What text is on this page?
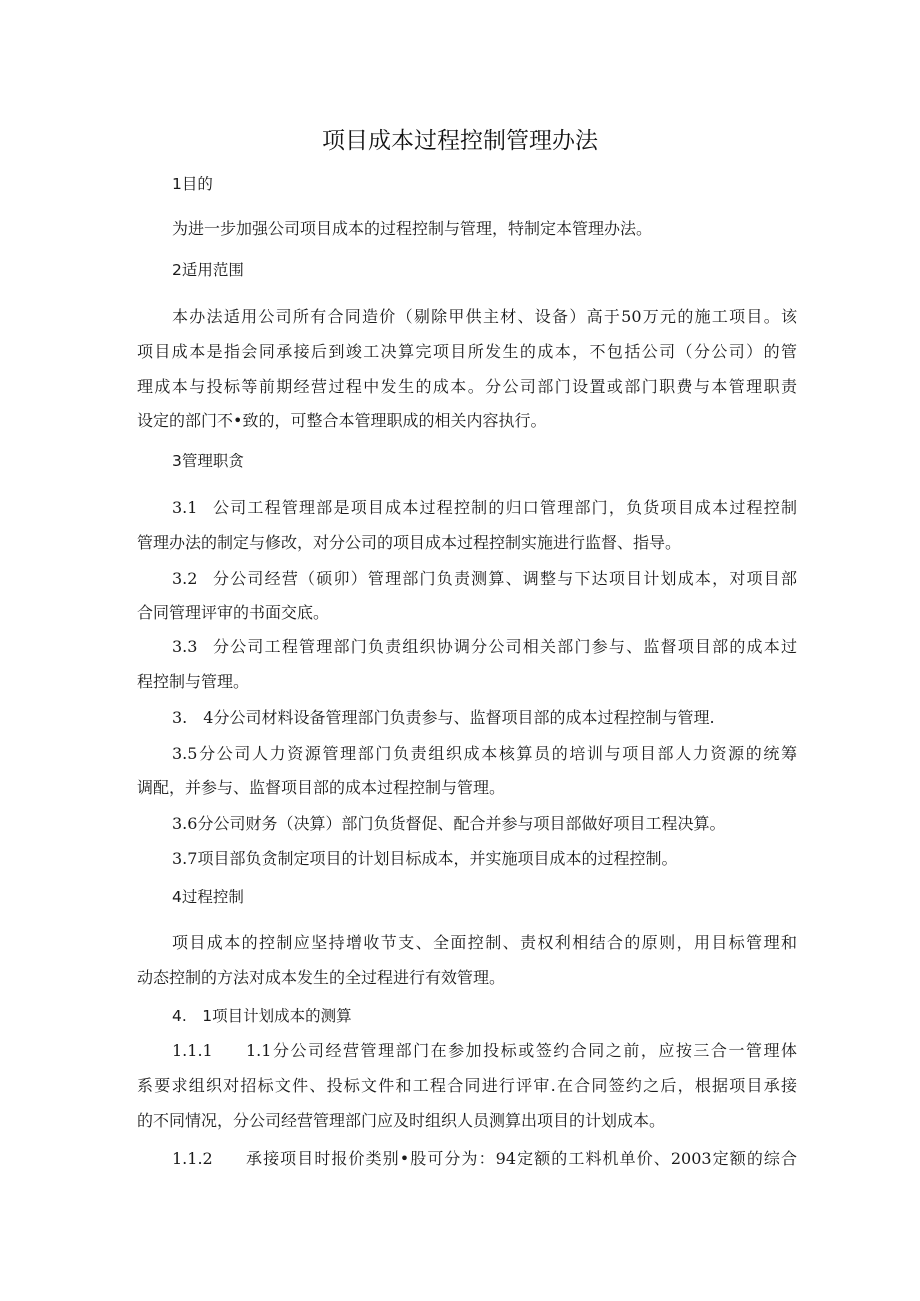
项目成本过程控制管理办法
1目的
为进一步加强公司项目成本的过程控制与管理，特制定本管理办法。
2适用范围
本办法适用公司所有合同造价（剔除甲供主材、设备）高于50万元的施工项目。该
项目成本是指会同承接后到竣工决算完项目所发生的成本，不包括公司（分公司）的管
理成本与投标等前期经营过程中发生的成本。分公司部门设置或部门职费与本管理职责
设定的部门不•致的，可整合本管理职成的相关内容执行。
3管理职贪
3.1 公司工程管理部是项目成本过程控制的归口管理部门，负货项目成本过程控制
管理办法的制定与修改，对分公司的项目成本过程控制实施进行监督、指导。
3.2 分公司经营（硕卯）管理部门负责测算、调整与下达项目计划成本，对项目部
合同管理评审的书面交底。
3.3 分公司工程管理部门负责组织协调分公司相关部门参与、监督项目部的成本过
程控制与管理。
3.　4分公司材料设备管理部门负责参与、监督项目部的成本过程控制与管理.
3.5分公司人力资源管理部门负责组织成本核算员的培训与项目部人力资源的统筹
调配，并参与、监督项目部的成本过程控制与管理。
3.6分公司财务（决算）部门负货督促、配合并参与项目部做好项目工程决算。
3.7项目部负贪制定项目的计划目标成本，并实施项目成本的过程控制。
4过程控制
项目成本的控制应坚持增收节支、全面控制、责权利相结合的原则，用目标管理和
动态控制的方法对成本发生的全过程进行有效管理。
4.　1项目计划成本的测算
1.1.1	1.1分公司经营管理部门在参加投标或签约合同之前，应按三合一管理体
系要求组织对招标文件、投标文件和工程合同进行评审.在合同签约之后，根据项目承接
的不同情况，分公司经营管理部门应及时组织人员测算出项目的计划成本。
1.1.2	承接项目时报价类别•股可分为：94定额的工料机单价、2003定额的综合
